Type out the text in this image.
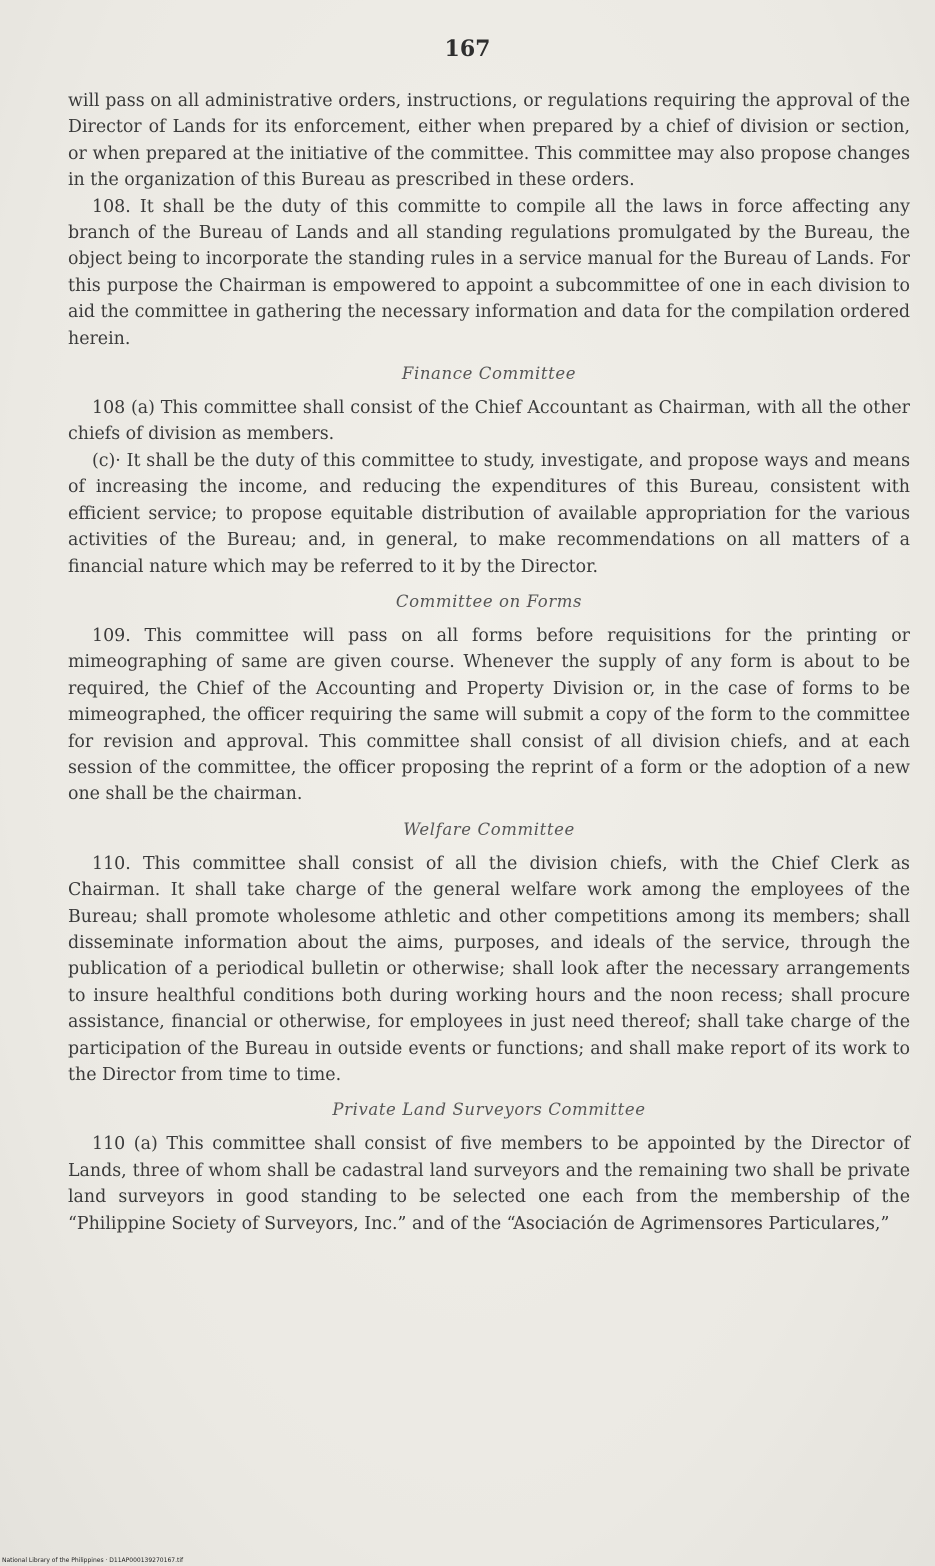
167

will pass on all administrative orders, instructions, or regulations requiring the approval of the Director of Lands for its enforcement, either when prepared by a chief of division or section, or when prepared at the initiative of the committee. This committee may also propose changes in the organization of this Bureau as prescribed in these orders.

108. It shall be the duty of this committe to compile all the laws in force affecting any branch of the Bureau of Lands and all standing regulations promulgated by the Bureau, the object being to incorporate the standing rules in a service manual for the Bureau of Lands. For this purpose the Chairman is empowered to appoint a subcommittee of one in each division to aid the committee in gathering the necessary information and data for the compilation ordered herein.

Finance Committee

108 (a) This committee shall consist of the Chief Accountant as Chairman, with all the other chiefs of division as members.

(c)· It shall be the duty of this committee to study, investigate, and propose ways and means of increasing the income, and reducing the expenditures of this Bureau, consistent with efficient service; to propose equitable distribution of available appropriation for the various activities of the Bureau; and, in general, to make recommendations on all matters of a financial nature which may be referred to it by the Director.

Committee on Forms

109. This committee will pass on all forms before requisitions for the printing or mimeographing of same are given course. Whenever the supply of any form is about to be required, the Chief of the Accounting and Property Division or, in the case of forms to be mimeographed, the officer requiring the same will submit a copy of the form to the committee for revision and approval. This committee shall consist of all division chiefs, and at each session of the committee, the officer proposing the reprint of a form or the adoption of a new one shall be the chairman.

Welfare Committee

110. This committee shall consist of all the division chiefs, with the Chief Clerk as Chairman. It shall take charge of the general welfare work among the employees of the Bureau; shall promote wholesome athletic and other competitions among its members; shall disseminate information about the aims, purposes, and ideals of the service, through the publication of a periodical bulletin or otherwise; shall look after the necessary arrangements to insure healthful conditions both during working hours and the noon recess; shall procure assistance, financial or otherwise, for employees in just need thereof; shall take charge of the participation of the Bureau in outside events or functions; and shall make report of its work to the Director from time to time.

Private Land Surveyors Committee

110 (a) This committee shall consist of five members to be appointed by the Director of Lands, three of whom shall be cadastral land surveyors and the remaining two shall be private land surveyors in good standing to be selected one each from the membership of the “Philippine Society of Surveyors, Inc.” and of the “Asociación de Agrimensores Particulares,”

National Library of the Philippines · D11AP000139270167.tif
